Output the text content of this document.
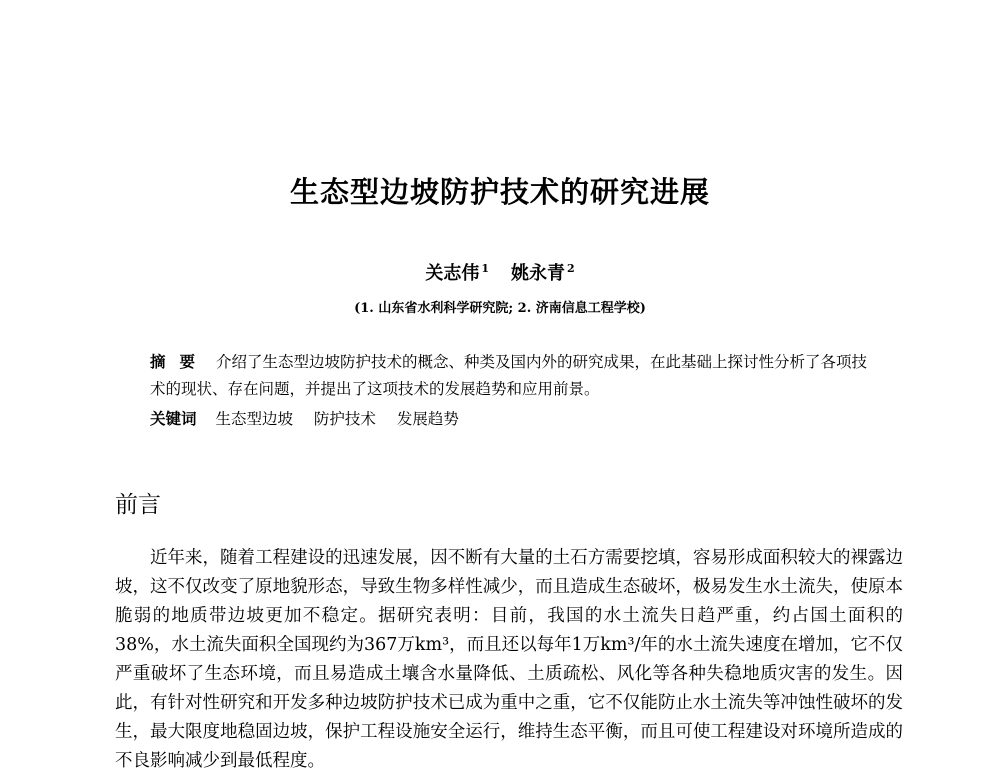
生态型边坡防护技术的研究进展
关志伟 $^1$ 姚永青 $^2$
(1. 山东省水利科学研究院; 2. 济南信息工程学校)
摘要 介绍了生态型边坡防护技术的概念、种类及国内外的研究成果，在此基础上探讨性分析了各项技术的现状、存在问题，并提出了这项技术的发展趋势和应用前景。
关键词 生态型边坡 防护技术 发展趋势
前言

近年来，随着工程建设的迅速发展，因不断有大量的土石方需要挖填，容易形成面积较大的裸露边坡，这不仅改变了原地貌形态，导致生物多样性减少，而且造成生态破坏，极易发生水土流失，使原本脆弱的地质带边坡更加不稳定。据研究表明：目前，我国的水土流失日趋严重，约占国土面积的38%，水土流失面积全国现约为367万km³，而且还以每年1万km³/年的水土流失速度在增加，它不仅严重破坏了生态环境，而且易造成土壤含水量降低、土质疏松、风化等各种失稳地质灾害的发生。因此，有针对性研究和开发多种边坡防护技术已成为重中之重，它不仅能防止水土流失等冲蚀性破坏的发生，最大限度地稳固边坡，保护工程设施安全运行，维持生态平衡，而且可使工程建设对环境所造成的不良影响减少到最低程度。
